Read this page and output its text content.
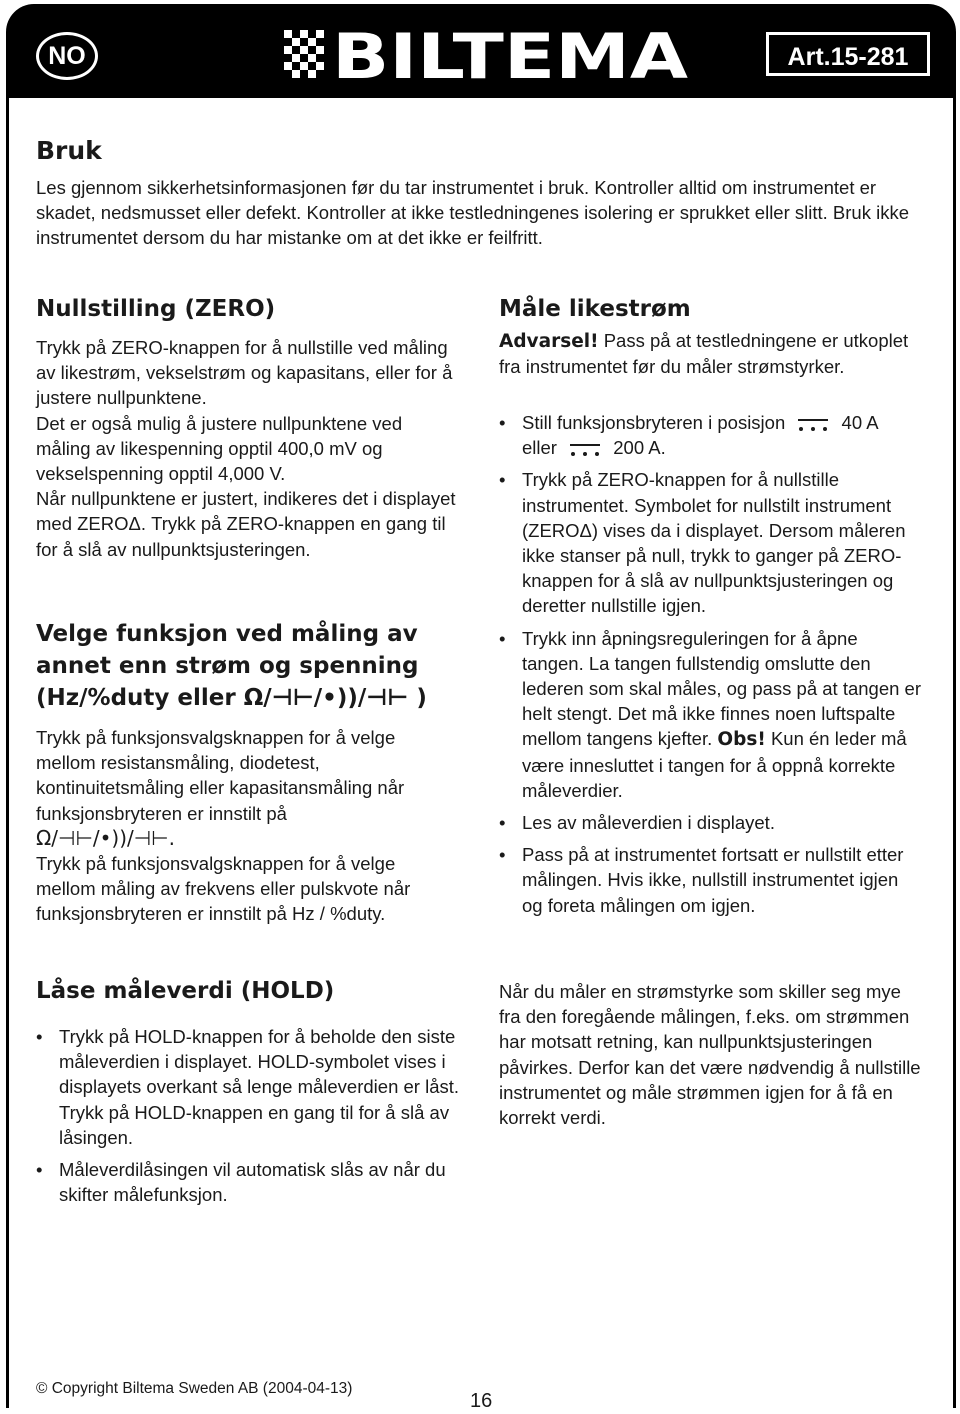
NO	BILTEMA	Art.15-281
Bruk

Les gjennom sikkerhetsinformasjonen før du tar instrumentet i bruk. Kontroller alltid om instrumentet er skadet, nedsmusset eller defekt. Kontroller at ikke testledningenes isolering er sprukket eller slitt. Bruk ikke instrumentet dersom du har mistanke om at det ikke er feilfritt.

Nullstilling (ZERO)
Trykk på ZERO-knappen for å nullstille ved måling av likestrøm, vekselstrøm og kapasitans, eller for å justere nullpunktene.
Det er også mulig å justere nullpunktene ved måling av likespenning opptil 400,0 mV og vekselspenning opptil 4,000 V.
Når nullpunktene er justert, indikeres det i displayet med ZEROΔ. Trykk på ZERO-knappen en gang til for å slå av nullpunktsjusteringen.
Velge funksjon ved måling av
annet enn strøm og spenning
(Hz/%duty eller Ω/⊣⊢/•))/⊣⊢ )
Trykk på funksjonsvalgsknappen for å velge mellom resistansmåling, diodetest, kontinuitetsmåling eller kapasitansmåling når funksjonsbryteren er innstilt på
Ω/⊣⊢/•))/⊣⊢.
Trykk på funksjonsvalgsknappen for å velge mellom måling av frekvens eller pulskvote når funksjonsbryteren er innstilt på Hz / %duty.
Låse måleverdi (HOLD)
• Trykk på HOLD-knappen for å beholde den siste måleverdien i displayet. HOLD-symbolet vises i displayets overkant så lenge måleverdien er låst. Trykk på HOLD-knappen en gang til for å slå av låsingen.
• Måleverdilåsingen vil automatisk slås av når du skifter målefunksjon.
Måle likestrøm

Advarsel! Pass på at testledningene er utkoplet fra instrumentet før du måler strømstyrker.

• Still funksjonsbryteren i posisjon	40 A
eller	200 A.
• Trykk på ZERO-knappen for å nullstille instrumentet. Symbolet for nullstilt instrument (ZEROΔ) vises da i displayet. Dersom måleren ikke stanser på null, trykk to ganger på ZERO-knappen for å slå av nullpunktsjusteringen og deretter nullstille igjen.
• Trykk inn åpningsreguleringen for å åpne tangen. La tangen fullstendig omslutte den lederen som skal måles, og pass på at tangen er helt stengt. Det må ikke finnes noen luftspalte mellom tangens kjefter. Obs! Kun én leder må være innesluttet i tangen for å oppnå korrekte måleverdier.
• Les av måleverdien i displayet.
• Pass på at instrumentet fortsatt er nullstilt etter målingen. Hvis ikke, nullstill instrumentet igjen og foreta målingen om igjen.

Når du måler en strømstyrke som skiller seg mye fra den foregående målingen, f.eks. om strømmen har motsatt retning, kan nullpunktsjusteringen påvirkes. Derfor kan det være nødvendig å nullstille instrumentet og måle strømmen igjen for å få en korrekt verdi.

© Copyright Biltema Sweden AB (2004-04-13)
16
